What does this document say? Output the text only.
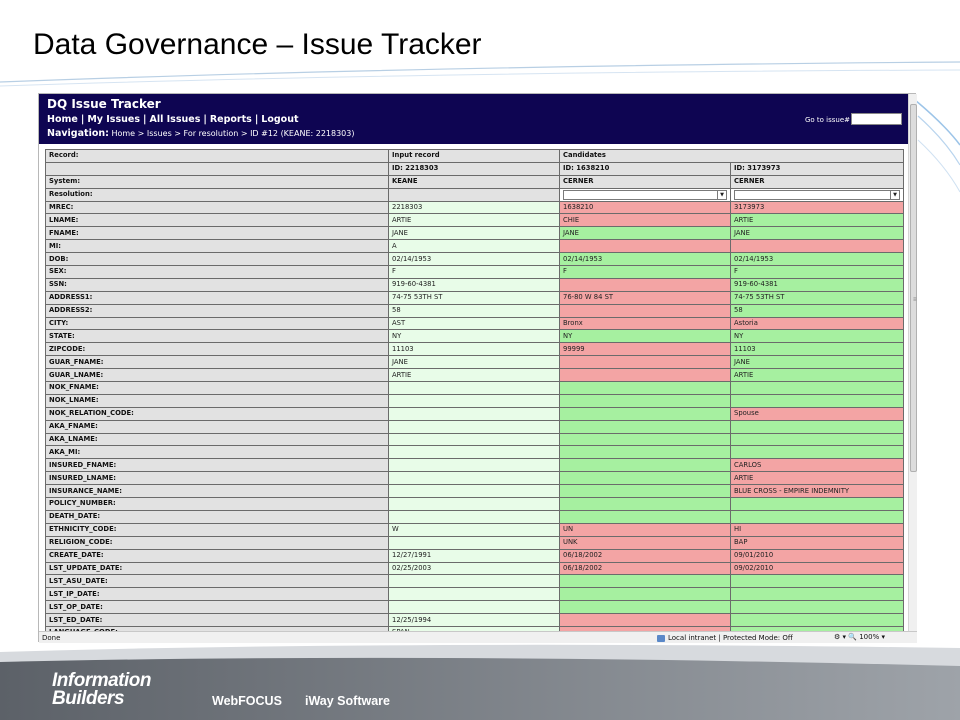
Data Governance – Issue Tracker
DQ Issue Tracker
Home | My Issues | All Issues | Reports | Logout
Navigation: Home > Issues > For resolution > ID #12 (KEANE: 2218303)
Go to issue#
Record:	Input record	Candidates	
	ID: 2218303	ID: 1638210	ID: 3173973
System:	KEANE	CERNER	CERNER
Resolution:		▼	▼

MREC:	2218303	1638210	3173973
LNAME:	ARTIE	CHIE	ARTIE
FNAME:	JANE	JANE	JANE
MI:	A		
DOB:	02/14/1953	02/14/1953	02/14/1953
SEX:	F	F	F
SSN:	919-60-4381		919-60-4381
ADDRESS1:	74-75 53TH ST	76-80 W 84 ST	74-75 53TH ST
ADDRESS2:	58		58
CITY:	AST	Bronx	Astoria
STATE:	NY	NY	NY
ZIPCODE:	11103	99999	11103
GUAR_FNAME:	JANE		JANE
GUAR_LNAME:	ARTIE		ARTIE
NOK_FNAME:			
NOK_LNAME:			
NOK_RELATION_CODE:			Spouse
AKA_FNAME:			
AKA_LNAME:			
AKA_MI:			
INSURED_FNAME:			CARLOS
INSURED_LNAME:			ARTIE
INSURANCE_NAME:			BLUE CROSS - EMPIRE INDEMNITY
POLICY_NUMBER:			
DEATH_DATE:			
ETHNICITY_CODE:	W	UN	HI
RELIGION_CODE:		UNK	BAP
CREATE_DATE:	12/27/1991	06/18/2002	09/01/2010
LST_UPDATE_DATE:	02/25/2003	06/18/2002	09/02/2010
LST_ASU_DATE:			
LST_IP_DATE:			
LST_OP_DATE:			
LST_ED_DATE:	12/25/1994		

≡
Done	Local intranet | Protected Mode: Off	⚙ ▾ 🔍 100% ▾
Information
Builders	WebFOCUS iWay Software
